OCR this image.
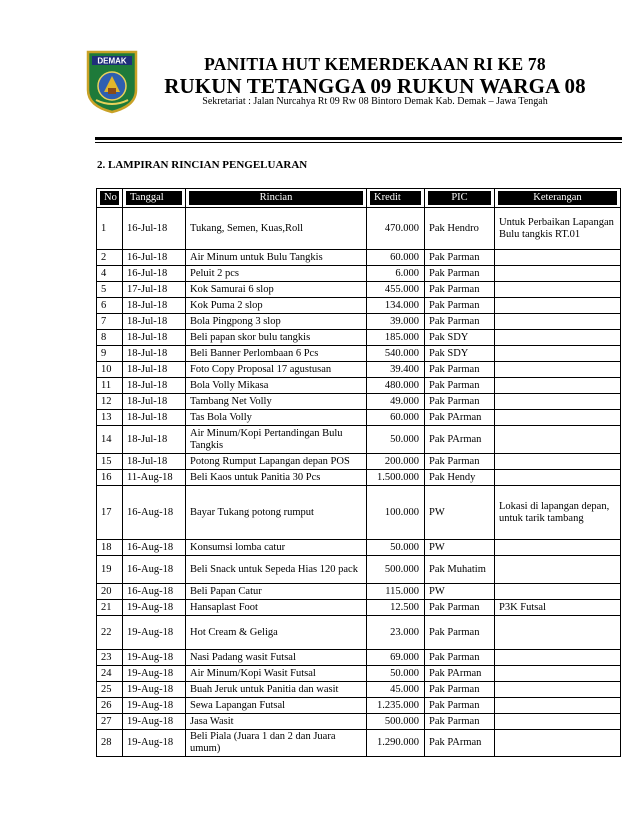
DEMAK	PANITIA HUT KEMERDEKAAN RI KE 78
RUKUN TETANGGA 09 RUKUN WARGA 08
Sekretariat : Jalan Nurcahya Rt 09 Rw 08 Bintoro Demak Kab. Demak – Jawa Tengah
2. LAMPIRAN RINCIAN PENGELUARAN
No	Tanggal	Rincian	Kredit	PIC	Keterangan

1	16-Jul-18	Tukang, Semen, Kuas,Roll	470.000	Pak Hendro	Untuk Perbaikan Lapangan Bulu tangkis RT.01
2	16-Jul-18	Air Minum untuk Bulu Tangkis	60.000	Pak Parman	
4	16-Jul-18	Peluit 2 pcs	6.000	Pak Parman	
5	17-Jul-18	Kok Samurai 6 slop	455.000	Pak Parman	
6	18-Jul-18	Kok Puma 2 slop	134.000	Pak Parman	
7	18-Jul-18	Bola Pingpong 3 slop	39.000	Pak Parman	
8	18-Jul-18	Beli papan skor bulu tangkis	185.000	Pak SDY	
9	18-Jul-18	Beli Banner Perlombaan 6 Pcs	540.000	Pak SDY	
10	18-Jul-18	Foto Copy Proposal 17 agustusan	39.400	Pak Parman	
11	18-Jul-18	Bola Volly Mikasa	480.000	Pak Parman	
12	18-Jul-18	Tambang Net Volly	49.000	Pak Parman	
13	18-Jul-18	Tas Bola Volly	60.000	Pak PArman	
14	18-Jul-18	Air Minum/Kopi Pertandingan Bulu Tangkis	50.000	Pak PArman	
15	18-Jul-18	Potong Rumput Lapangan depan POS	200.000	Pak Parman	
16	11-Aug-18	Beli Kaos untuk Panitia 30 Pcs	1.500.000	Pak Hendy	
17	16-Aug-18	Bayar Tukang potong rumput	100.000	PW	Lokasi di lapangan depan, untuk tarik tambang
18	16-Aug-18	Konsumsi lomba catur	50.000	PW	
19	16-Aug-18	Beli Snack untuk Sepeda Hias 120 pack	500.000	Pak Muhatim	
20	16-Aug-18	Beli Papan Catur	115.000	PW	
21	19-Aug-18	Hansaplast Foot	12.500	Pak Parman	P3K Futsal
22	19-Aug-18	Hot Cream & Geliga	23.000	Pak Parman	
23	19-Aug-18	Nasi Padang wasit Futsal	69.000	Pak Parman	
24	19-Aug-18	Air Minum/Kopi Wasit Futsal	50.000	Pak PArman	
25	19-Aug-18	Buah Jeruk untuk Panitia dan wasit	45.000	Pak Parman	
26	19-Aug-18	Sewa Lapangan Futsal	1.235.000	Pak Parman	
27	19-Aug-18	Jasa Wasit	500.000	Pak Parman	
28	19-Aug-18	Beli Piala (Juara 1 dan 2 dan Juara umum)	1.290.000	Pak PArman	
